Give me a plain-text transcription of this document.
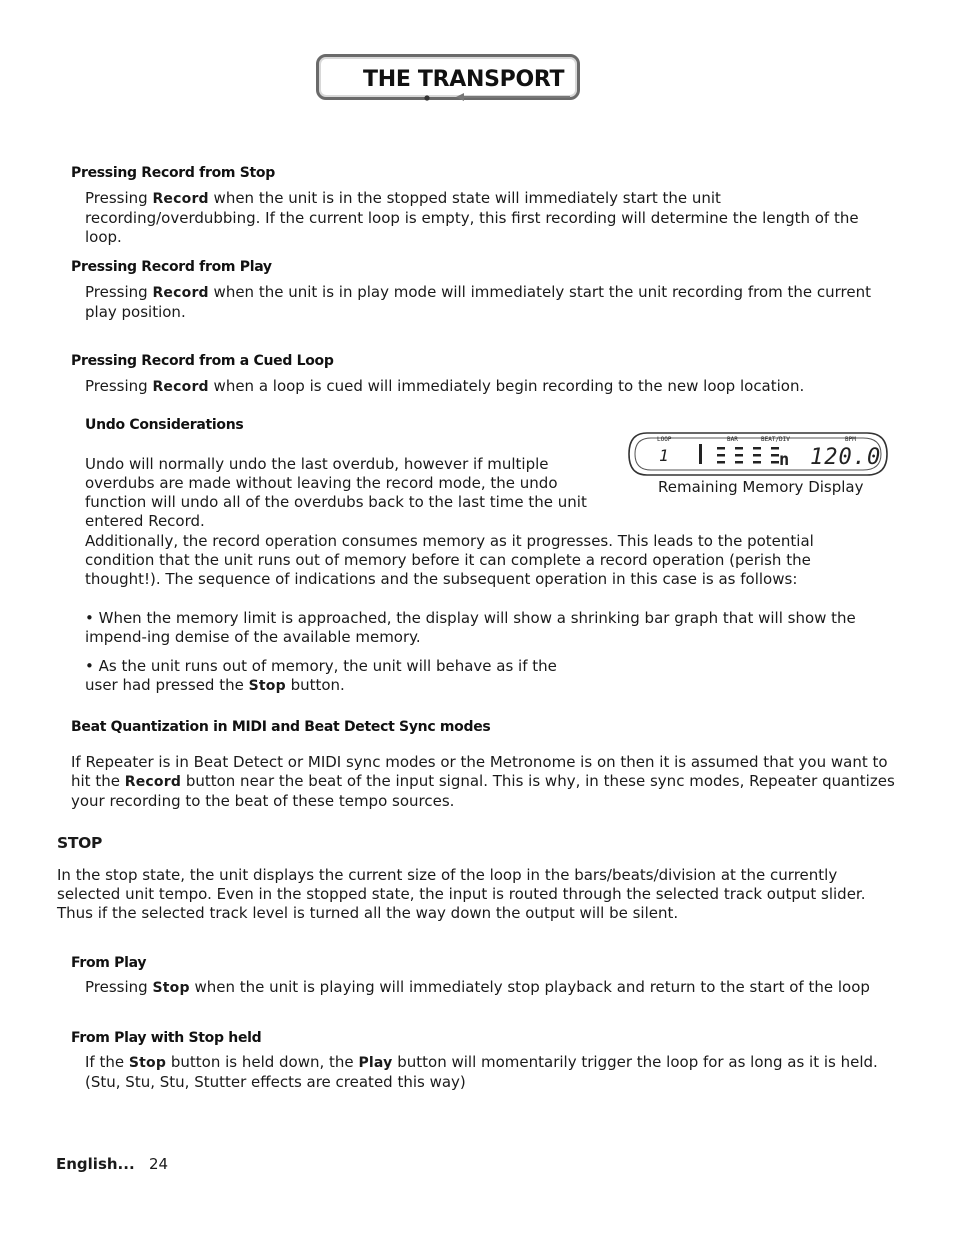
THE TRANSPORT
Pressing Record from Stop
Pressing Record when the unit is in the stopped state will immediately start the unit recording/overdubbing. If the current loop is empty, this first recording will determine the length of the loop.
Pressing Record from Play
Pressing Record when the unit is in play mode will immediately start the unit recording from the current play position.
Pressing Record from a Cued Loop
Pressing Record when a loop is cued will immediately begin recording to the new loop location.
Undo Considerations
Undo will normally undo the last overdub, however if multiple overdubs are made without leaving the record mode, the undo function will undo all of the overdubs back to the last time the unit entered Record.
LOOP	BAR	BEAT/DIV	BPM
1	n 120.0
Remaining Memory Display
Additionally, the record operation consumes memory as it progresses. This leads to the potential condition that the unit runs out of memory before it can complete a record operation (perish the thought!). The sequence of indications and the subsequent operation in this case is as follows:
• When the memory limit is approached, the display will show a shrinking bar graph that will show the impend-ing demise of the available memory.
• As the unit runs out of memory, the unit will behave as if the user had pressed the Stop button.
Beat Quantization in MIDI and Beat Detect Sync modes
If Repeater is in Beat Detect or MIDI sync modes or the Metronome is on then it is assumed that you want to hit the Record button near the beat of the input signal. This is why, in these sync modes, Repeater quantizes your recording to the beat of these tempo sources.
STOP
In the stop state, the unit displays the current size of the loop in the bars/beats/division at the currently selected unit tempo. Even in the stopped state, the input is routed through the selected track output slider. Thus if the selected track level is turned all the way down the output will be silent.
From Play
Pressing Stop when the unit is playing will immediately stop playback and return to the start of the loop
From Play with Stop held
If the Stop button is held down, the Play button will momentarily trigger the loop for as long as it is held. (Stu, Stu, Stu, Stutter effects are created this way)
English... 24
